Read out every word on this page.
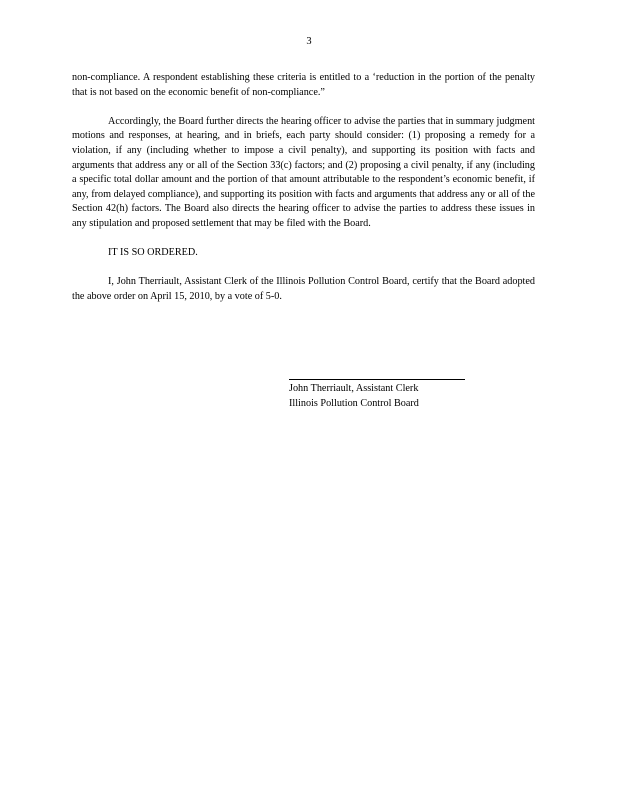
3

non-compliance. A respondent establishing these criteria is entitled to a ‘reduction in the portion of the penalty that is not based on the economic benefit of non-compliance.”

Accordingly, the Board further directs the hearing officer to advise the parties that in summary judgment motions and responses, at hearing, and in briefs, each party should consider: (1) proposing a remedy for a violation, if any (including whether to impose a civil penalty), and supporting its position with facts and arguments that address any or all of the Section 33(c) factors; and (2) proposing a civil penalty, if any (including a specific total dollar amount and the portion of that amount attributable to the respondent’s economic benefit, if any, from delayed compliance), and supporting its position with facts and arguments that address any or all of the Section 42(h) factors. The Board also directs the hearing officer to advise the parties to address these issues in any stipulation and proposed settlement that may be filed with the Board.

IT IS SO ORDERED.

I, John Therriault, Assistant Clerk of the Illinois Pollution Control Board, certify that the Board adopted the above order on April 15, 2010, by a vote of 5-0.

John Therriault, Assistant Clerk

Illinois Pollution Control Board
